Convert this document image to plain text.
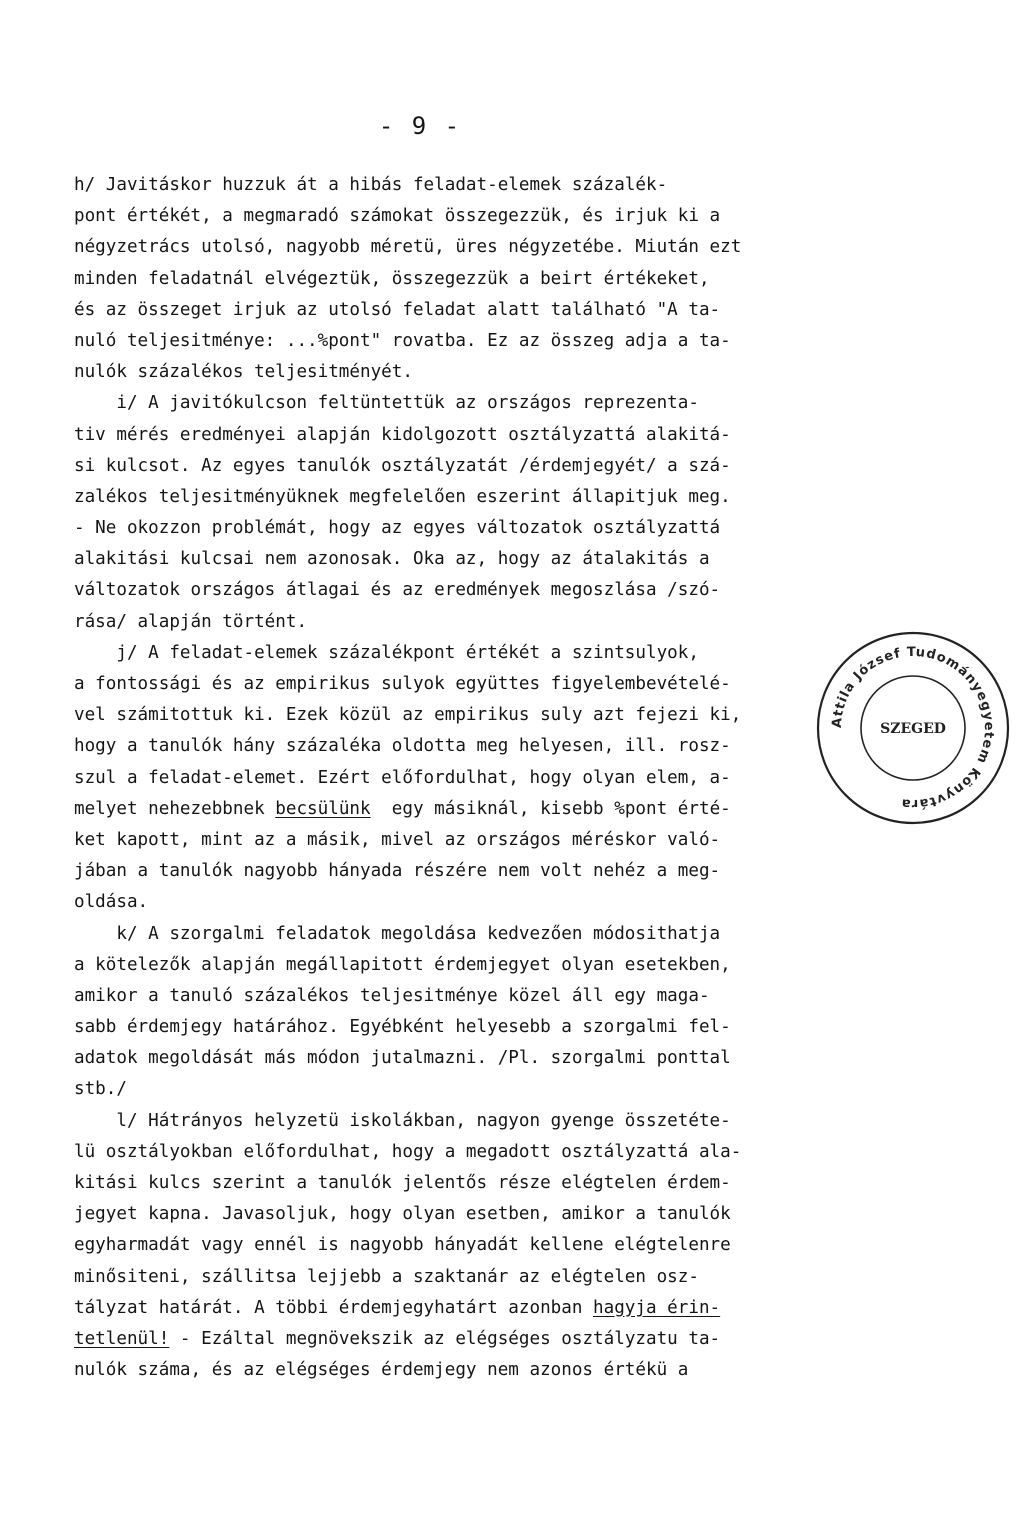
- 9 -
h/ Javitáskor huzzuk át a hibás feladat-elemek százalék-
pont értékét, a megmaradó számokat összegezzük, és irjuk ki a
négyzetrács utolsó, nagyobb méretü, üres négyzetébe. Miután ezt
minden feladatnál elvégeztük, összegezzük a beirt értékeket,
és az összeget irjuk az utolsó feladat alatt található "A ta-
nuló teljesitménye: ...%pont" rovatba. Ez az összeg adja a ta-
nulók százalékos teljesitményét.
i/ A javitókulcson feltüntettük az országos reprezenta-
tiv mérés eredményei alapján kidolgozott osztályzattá alakitá-
si kulcsot. Az egyes tanulók osztályzatát /érdemjegyét/ a szá-
zalékos teljesitményüknek megfelelően eszerint állapitjuk meg.
- Ne okozzon problémát, hogy az egyes változatok osztályzattá
alakitási kulcsai nem azonosak. Oka az, hogy az átalakitás a
változatok országos átlagai és az eredmények megoszlása /szó-
rása/ alapján történt.
j/ A feladat-elemek százalékpont értékét a szintsulyok,
a fontossági és az empirikus sulyok együttes figyelembevételé-
vel számitottuk ki. Ezek közül az empirikus suly azt fejezi ki,
hogy a tanulók hány százaléka oldotta meg helyesen, ill. rosz-
szul a feladat-elemet. Ezért előfordulhat, hogy olyan elem, a-
melyet nehezebbnek becsülünk  egy másiknál, kisebb %pont érté-
ket kapott, mint az a másik, mivel az országos méréskor való-
jában a tanulók nagyobb hányada részére nem volt nehéz a meg-
oldása.
k/ A szorgalmi feladatok megoldása kedvezően módosithatja
a kötelezők alapján megállapitott érdemjegyet olyan esetekben,
amikor a tanuló százalékos teljesitménye közel áll egy maga-
sabb érdemjegy határához. Egyébként helyesebb a szorgalmi fel-
adatok megoldását más módon jutalmazni. /Pl. szorgalmi ponttal
stb./
l/ Hátrányos helyzetü iskolákban, nagyon gyenge összetéte-
lü osztályokban előfordulhat, hogy a megadott osztályzattá ala-
kitási kulcs szerint a tanulók jelentős része elégtelen érdem-
jegyet kapna. Javasoljuk, hogy olyan esetben, amikor a tanulók
egyharmadát vagy ennél is nagyobb hányadát kellene elégtelenre
minősiteni, szállitsa lejjebb a szaktanár az elégtelen osz-
tályzat határát. A többi érdemjegyhatárt azonban hagyja érin-
tetlenül! - Ezáltal megnövekszik az elégséges osztályzatu ta-
nulók száma, és az elégséges érdemjegy nem azonos értékü a
Attila József Tudományegyetem Könyvtára
SZEGED
